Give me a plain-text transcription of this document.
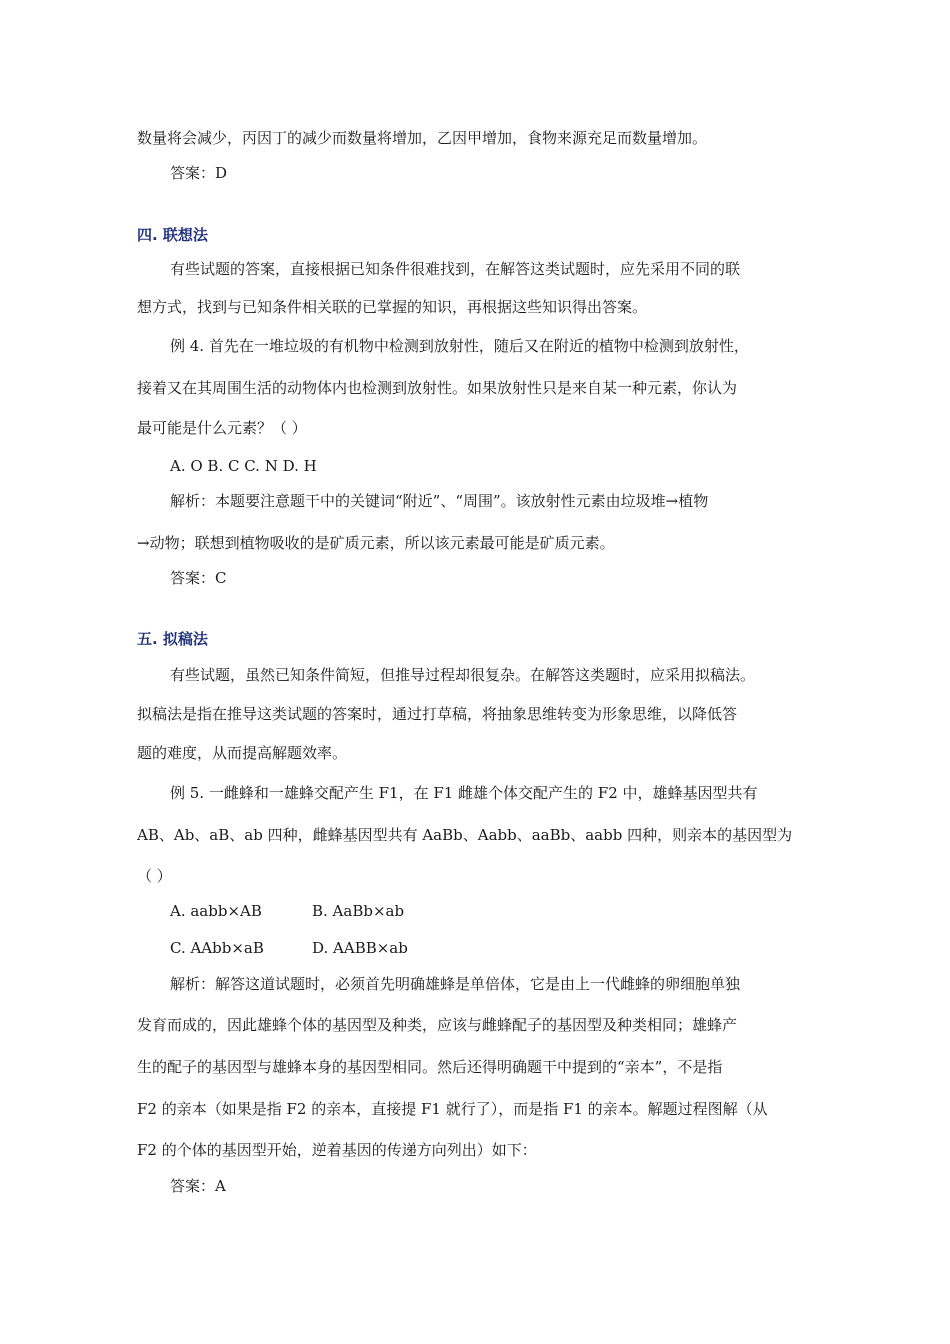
数量将会减少，丙因丁的减少而数量将增加，乙因甲增加，食物来源充足而数量增加。
答案：D
四. 联想法
有些试题的答案，直接根据已知条件很难找到，在解答这类试题时，应先采用不同的联
想方式，找到与已知条件相关联的已掌握的知识，再根据这些知识得出答案。
例 4. 首先在一堆垃圾的有机物中检测到放射性，随后又在附近的植物中检测到放射性，
接着又在其周围生活的动物体内也检测到放射性。如果放射性只是来自某一种元素，你认为
最可能是什么元素？（ ）
A. O B. C C. N D. H
解析：本题要注意题干中的关键词“附近”、“周围”。该放射性元素由垃圾堆→植物
→动物；联想到植物吸收的是矿质元素，所以该元素最可能是矿质元素。
答案：C
五. 拟稿法
有些试题，虽然已知条件简短，但推导过程却很复杂。在解答这类题时，应采用拟稿法。
拟稿法是指在推导这类试题的答案时，通过打草稿，将抽象思维转变为形象思维，以降低答
题的难度，从而提高解题效率。
例 5. 一雌蜂和一雄蜂交配产生 F1，在 F1 雌雄个体交配产生的 F2 中，雄蜂基因型共有
AB、Ab、aB、ab 四种，雌蜂基因型共有 AaBb、Aabb、aaBb、aabb 四种，则亲本的基因型为
（ ）
A. aabb×AB	B. AaBb×ab
C. AAbb×aB	D. AABB×ab
解析：解答这道试题时，必须首先明确雄蜂是单倍体，它是由上一代雌蜂的卵细胞单独
发育而成的，因此雄蜂个体的基因型及种类，应该与雌蜂配子的基因型及种类相同；雄蜂产
生的配子的基因型与雄蜂本身的基因型相同。然后还得明确题干中提到的“亲本”，不是指
F2 的亲本（如果是指 F2 的亲本，直接提 F1 就行了），而是指 F1 的亲本。解题过程图解（从
F2 的个体的基因型开始，逆着基因的传递方向列出）如下：
答案：A
